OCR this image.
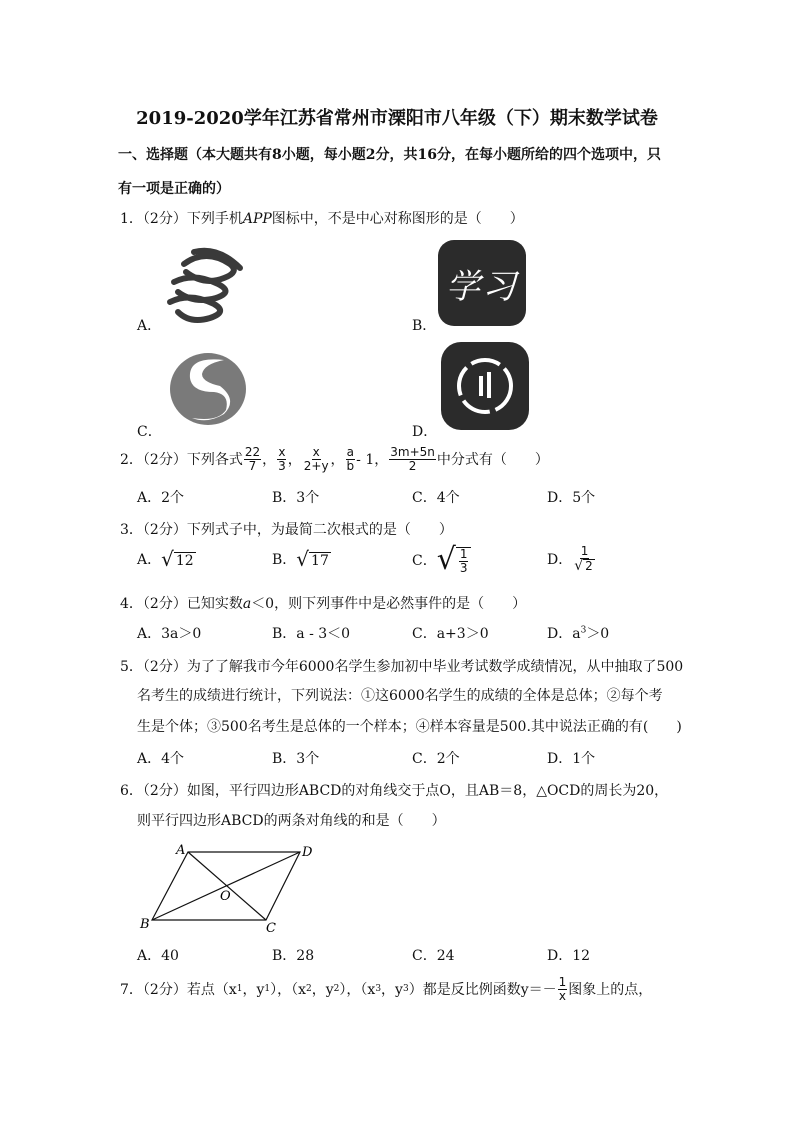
2019-2020学年江苏省常州市溧阳市八年级（下）期末数学试卷
一、选择题（本大题共有8小题，每小题2分，共16分，在每小题所给的四个选项中，只
有一项是正确的）
1．（2分）下列手机APP图标中，不是中心对称图形的是（　　）
A．	B．
学习
C．	D．
2．（2分）下列各式 $\frac{22}{7}$ ， $\frac{x}{3}$ ， $\frac{x}{2+y}$ ， $\frac{a}{b} - 1$， $\frac{3m+5n}{2}$ 中分式有（　　）
A．2个	B．3个	C．4个	D．5个
3．（2分）下列式子中，为最简二次根式的是（　　）
A． √ 12	B． √ 17	C． √ $\frac{1}{3}$	D． $\frac{1}{√ 2}$
4．（2分）已知实数a＜0，则下列事件中是必然事件的是（　　）
A．3a＞0	B．a - 3＜0	C．a+3＞0	D．$a^3>0$
5．（2分）为了了解我市今年6000名学生参加初中毕业考试数学成绩情况，从中抽取了500
名考生的成绩进行统计，下列说法：①这6000名学生的成绩的全体是总体；②每个考
生是个体；③500名考生是总体的一个样本；④样本容量是500.其中说法正确的有(　　)
A．4个	B．3个	C．2个	D．1个
6．（2分）如图，平行四边形ABCD的对角线交于点O，且AB＝8，△OCD的周长为20，
则平行四边形ABCD的两条对角线的和是（　　）
A	D
B	C
O
A．40	B．28	C．24	D．12
7．（2分）若点（x 1 ，y 1 ），（x 2 ，y 2 ），（x 3 ，y 3 ）都是反比例函数$y=- \frac{1}{x}$ 图象上的点，
